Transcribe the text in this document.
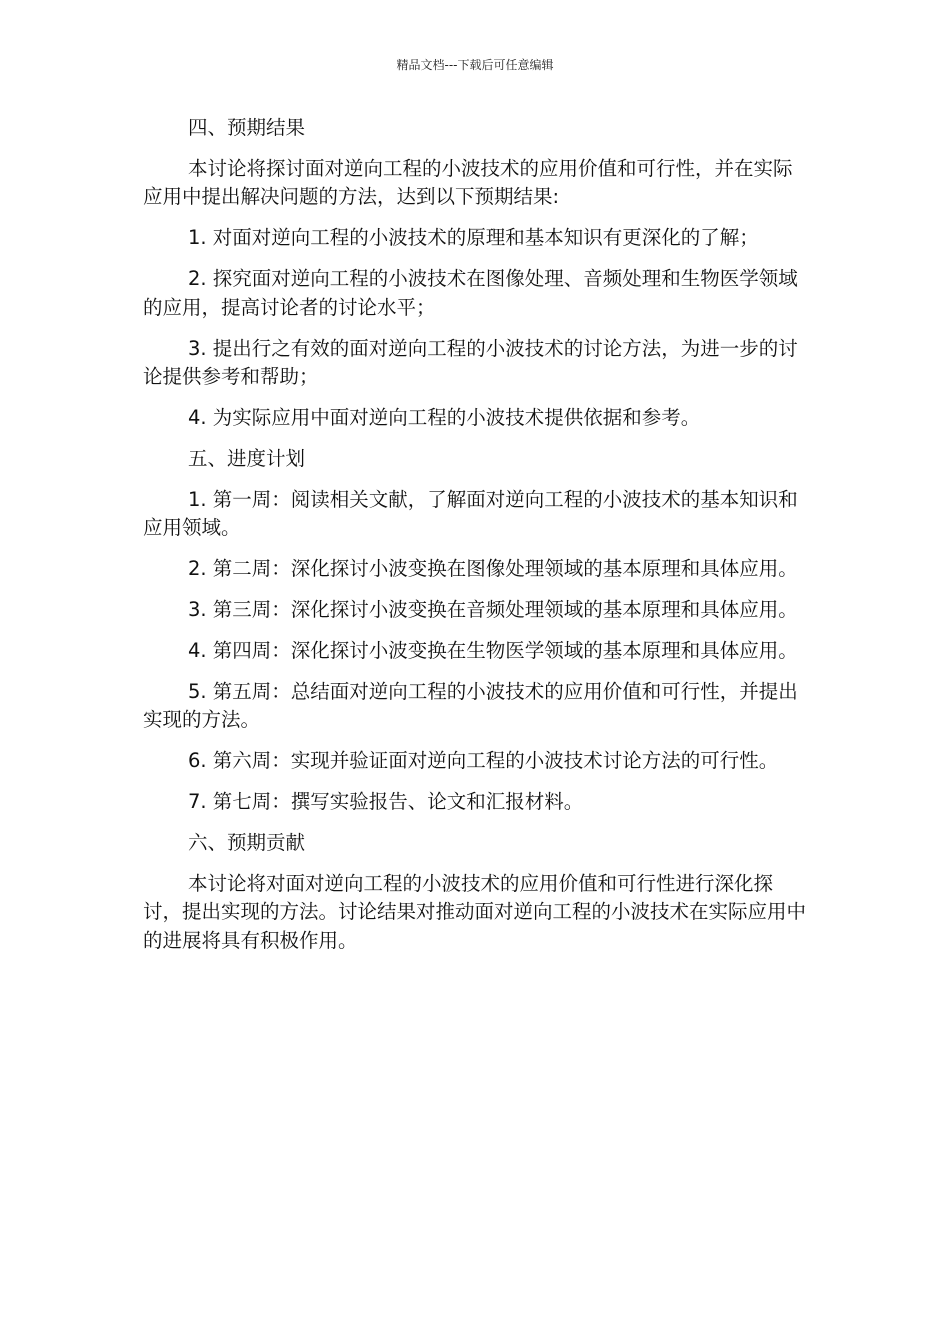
精品文档---下载后可任意编辑

四、预期结果

本讨论将探讨面对逆向工程的小波技术的应用价值和可行性，并在实际应用中提出解决问题的方法，达到以下预期结果:

1. 对面对逆向工程的小波技术的原理和基本知识有更深化的了解；

2. 探究面对逆向工程的小波技术在图像处理、音频处理和生物医学领域的应用，提高讨论者的讨论水平；

3. 提出行之有效的面对逆向工程的小波技术的讨论方法，为进一步的讨论提供参考和帮助；

4. 为实际应用中面对逆向工程的小波技术提供依据和参考。

五、进度计划

1. 第一周：阅读相关文献，了解面对逆向工程的小波技术的基本知识和应用领域。

2. 第二周：深化探讨小波变换在图像处理领域的基本原理和具体应用。

3. 第三周：深化探讨小波变换在音频处理领域的基本原理和具体应用。

4. 第四周：深化探讨小波变换在生物医学领域的基本原理和具体应用。

5. 第五周：总结面对逆向工程的小波技术的应用价值和可行性，并提出实现的方法。

6. 第六周：实现并验证面对逆向工程的小波技术讨论方法的可行性。

7. 第七周：撰写实验报告、论文和汇报材料。

六、预期贡献

本讨论将对面对逆向工程的小波技术的应用价值和可行性进行深化探讨，提出实现的方法。讨论结果对推动面对逆向工程的小波技术在实际应用中的进展将具有积极作用。
